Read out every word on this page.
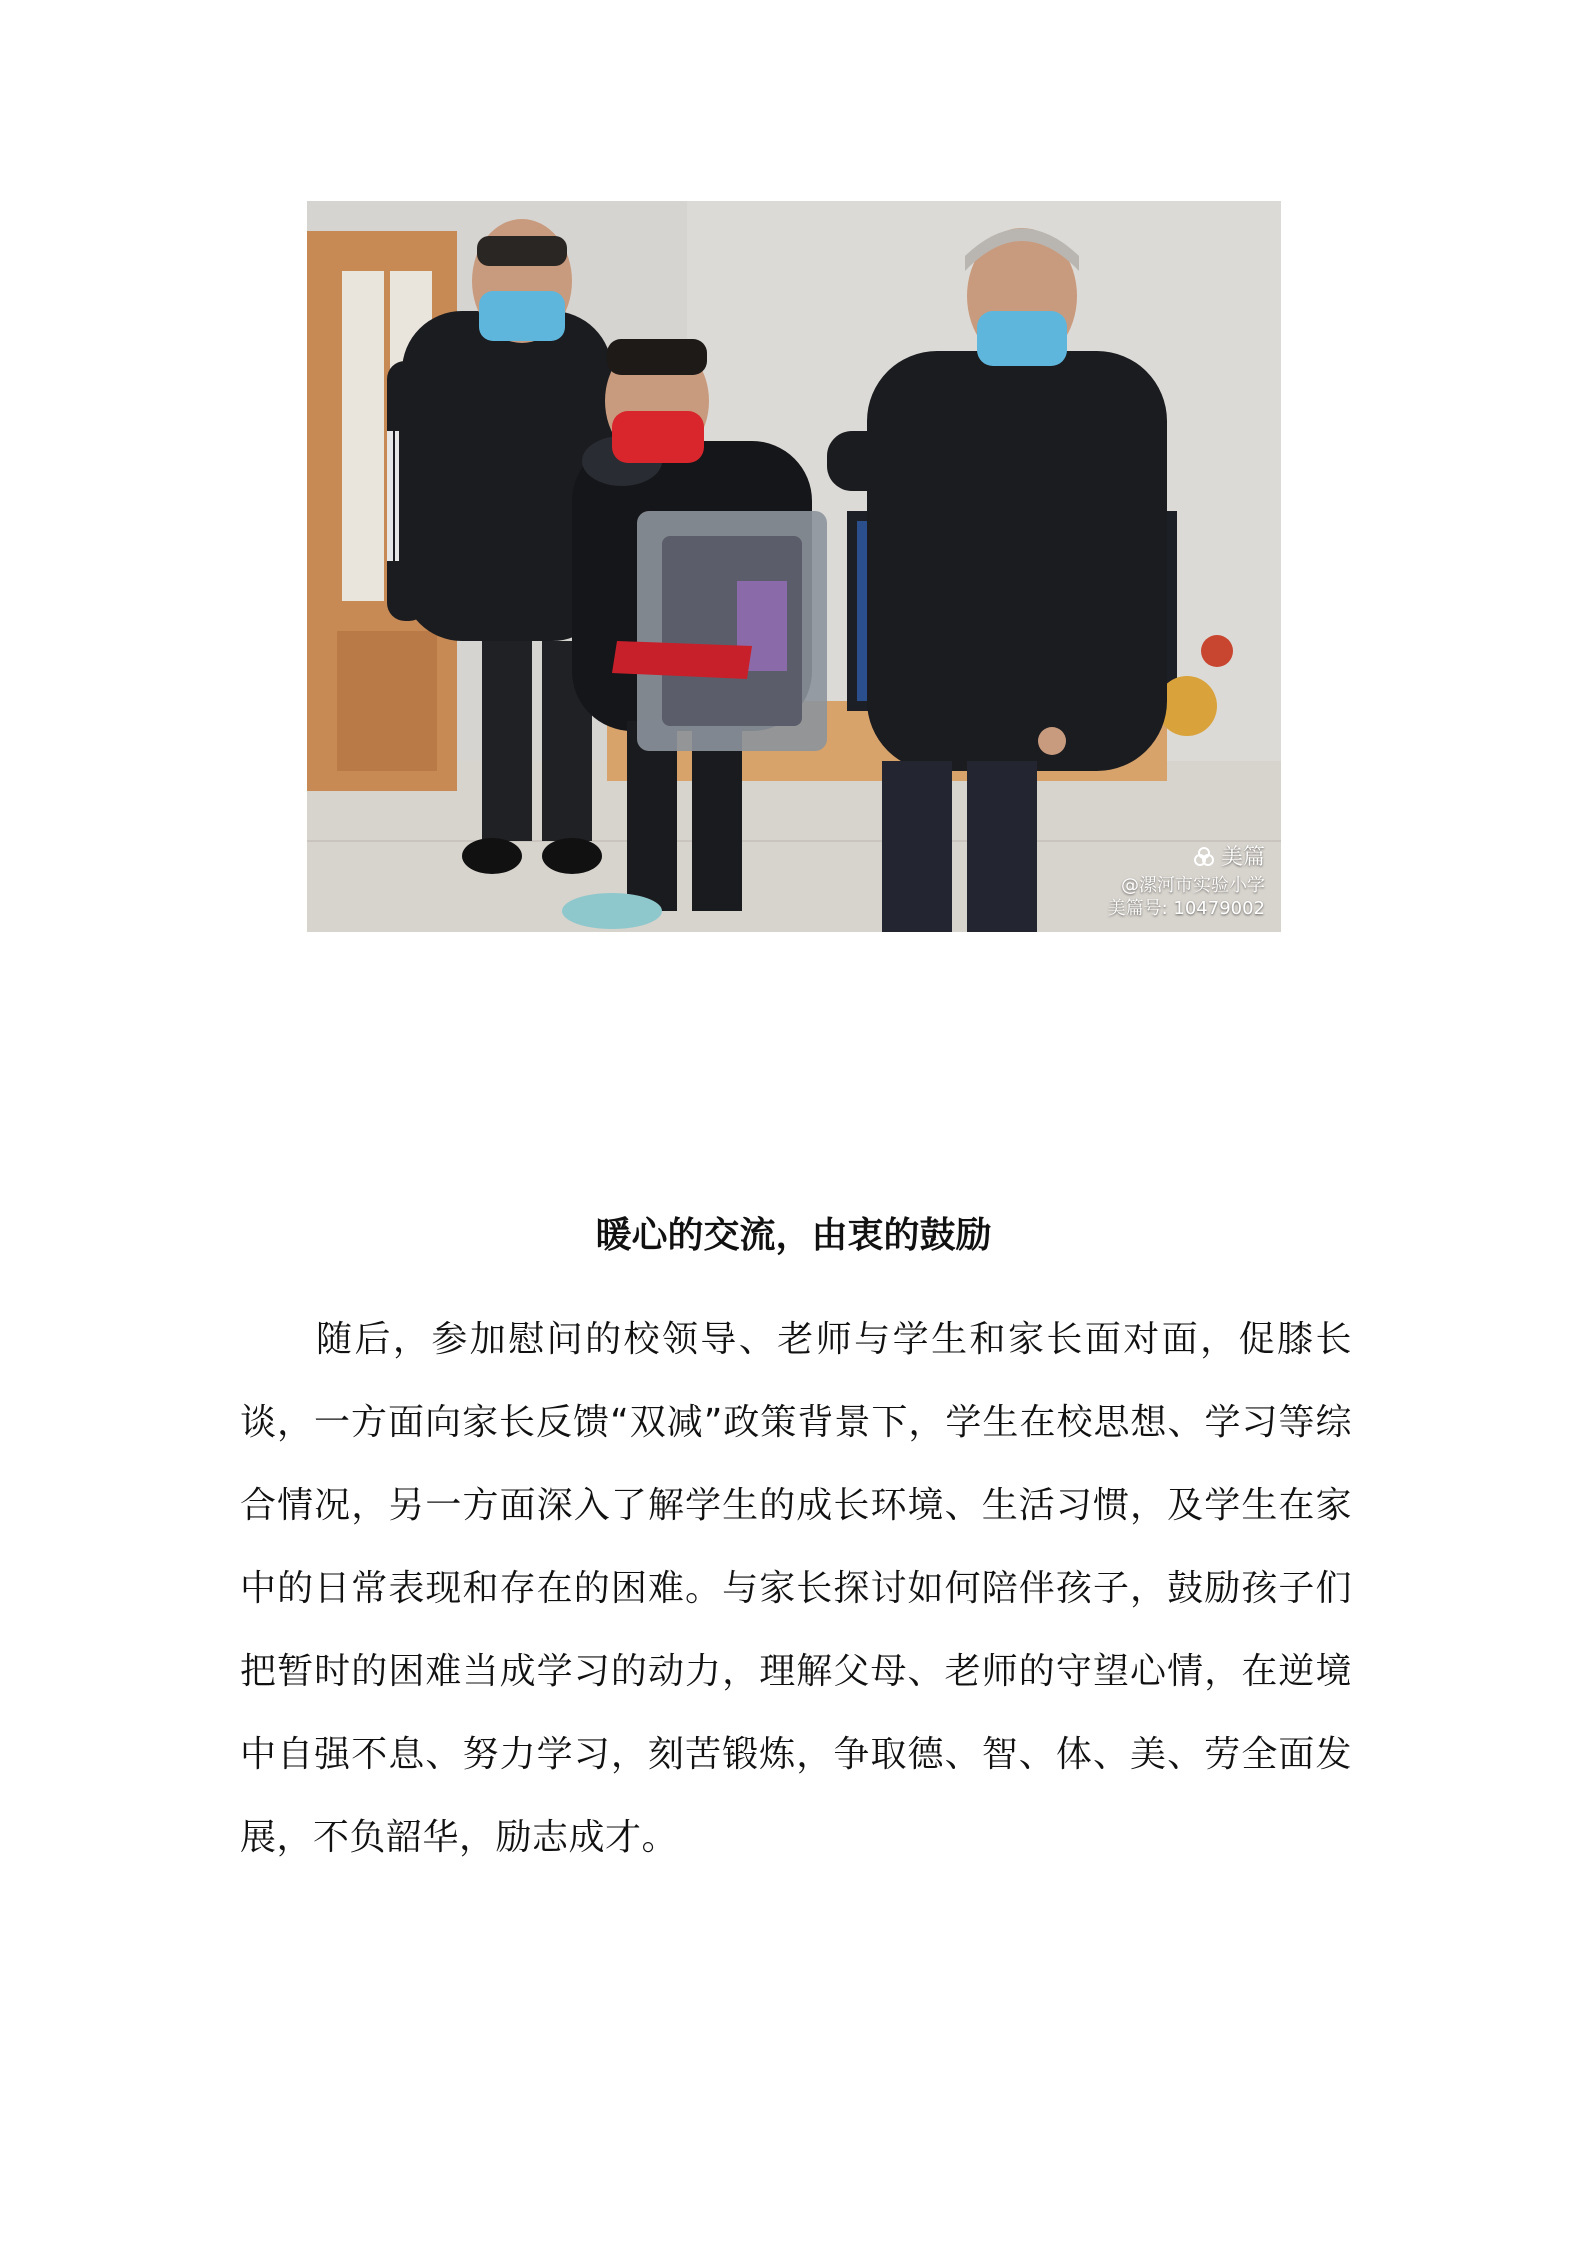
美篇
@漯河市实验小学
美篇号: 10479002
暖心的交流，由衷的鼓励

随后，参加慰问的校领导、老师与学生和家长面对面，促膝长谈，一方面向家长反馈“双减”政策背景下，学生在校思想、学习等综合情况，另一方面深入了解学生的成长环境、生活习惯，及学生在家中的日常表现和存在的困难。与家长探讨如何陪伴孩子，鼓励孩子们把暂时的困难当成学习的动力，理解父母、老师的守望心情，在逆境中自强不息、努力学习，刻苦锻炼，争取德、智、体、美、劳全面发展，不负韶华，励志成才。
